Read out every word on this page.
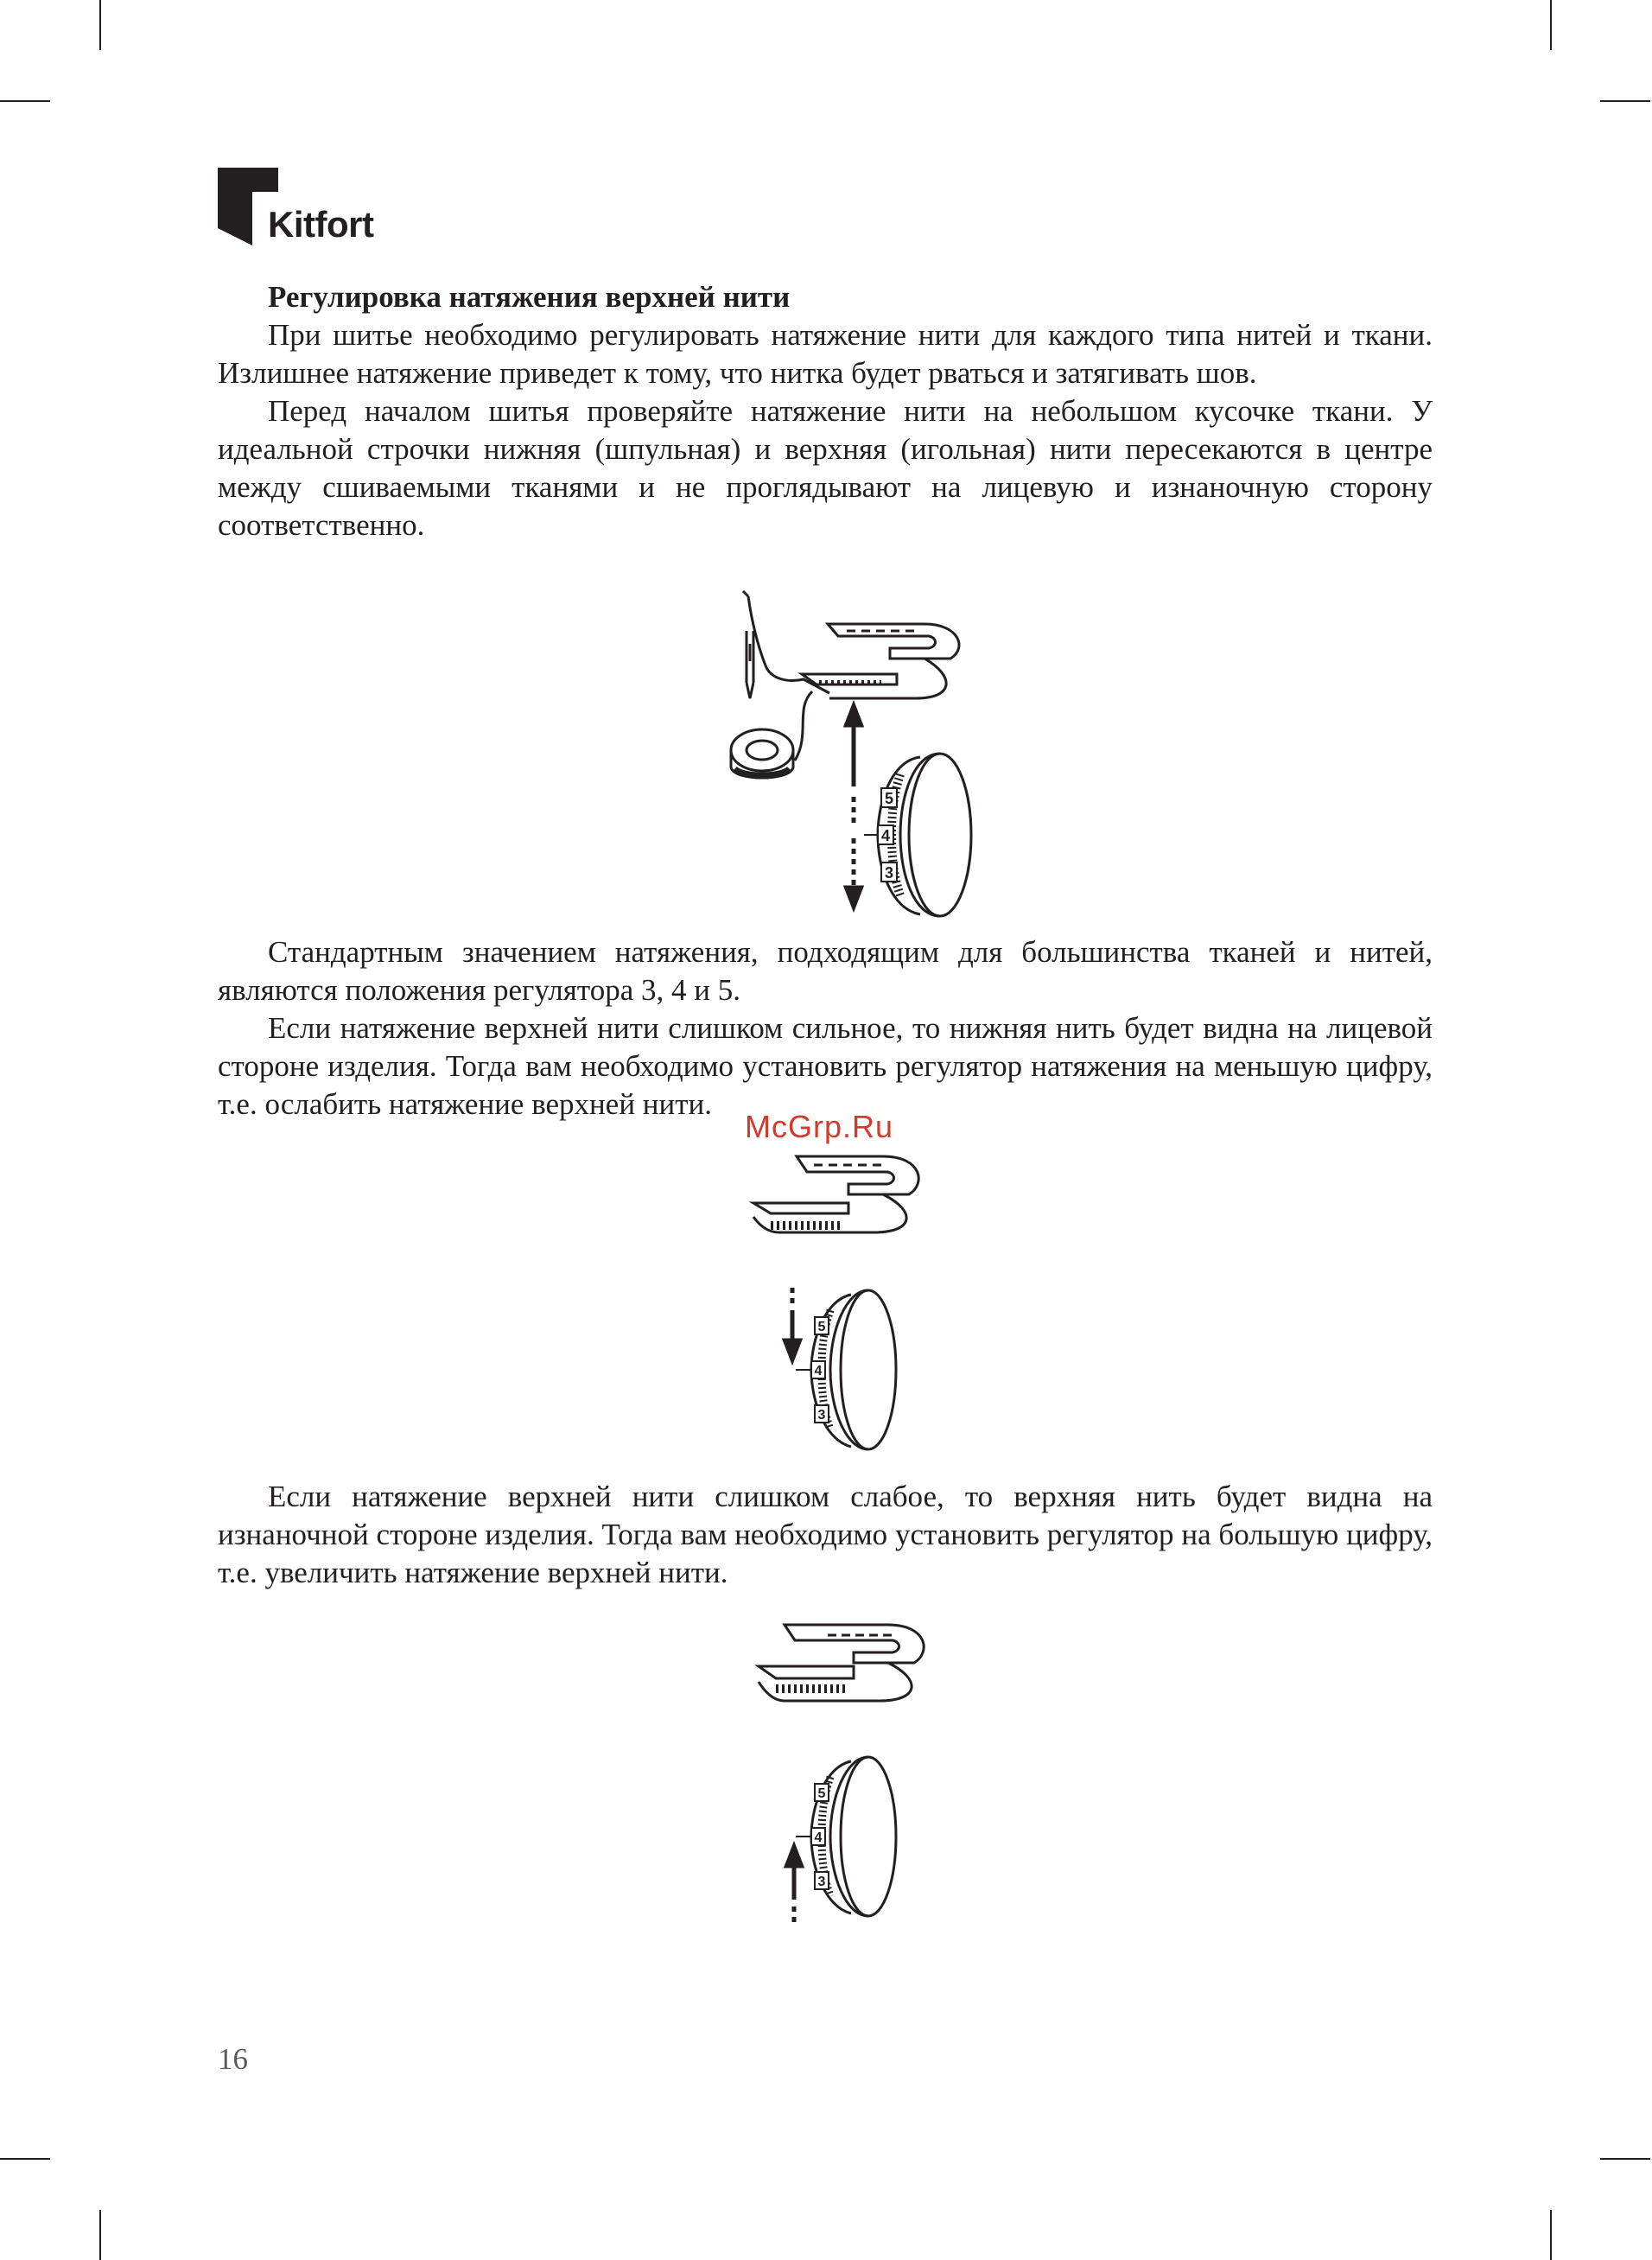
Kitfort

Регулировка натяжения верхней нити

При шитье необходимо регулировать натяжение нити для каждого типа нитей и ткани. Излишнее натяжение приведет к тому, что нитка будет рваться и затягивать шов.

Перед началом шитья проверяйте натяжение нити на небольшом кусочке ткани. У идеальной строчки нижняя (шпульная) и верхняя (игольная) нити пересекаются в центре между сшиваемыми тканями и не проглядывают на лицевую и изнаночную сторону соответственно.

5
4
3

Стандартным значением натяжения, подходящим для большинства тканей и нитей, являются положения регулятора 3, 4 и 5.

Если натяжение верхней нити слишком сильное, то нижняя нить будет видна на лицевой стороне изделия. Тогда вам необходимо установить регулятор натяжения на меньшую цифру, т.е. ослабить натяжение верхней нити.

McGrp.Ru
5
4
3

Если натяжение верхней нити слишком слабое, то верхняя нить будет видна на изнаночной стороне изделия. Тогда вам необходимо установить регулятор на большую цифру, т.е. увеличить натяжение верхней нити.

5
4
3
16
